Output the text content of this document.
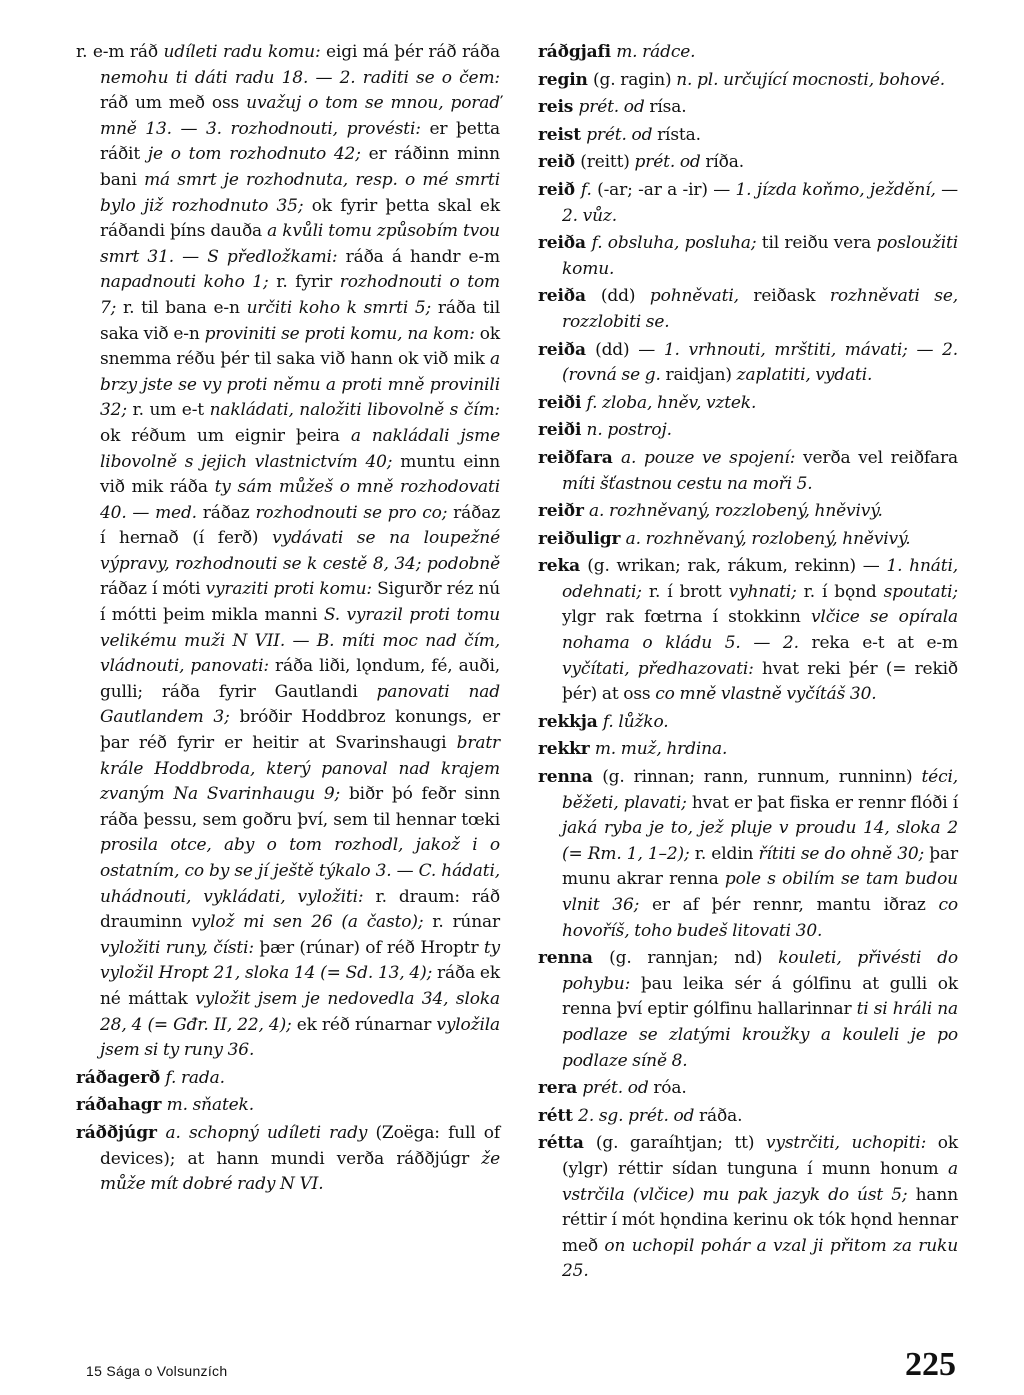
r. e-m ráð udíleti radu komu: eigi má þér ráð ráða nemohu ti dáti radu 18. — 2. raditi se o čem: ráð um með oss uvažuj o tom se mnou, poraď mně 13. — 3. rozhodnouti, provésti: er þetta ráðit je o tom rozhodnuto 42; er ráðinn minn bani má smrt je rozhodnuta, resp. o mé smrti bylo již rozhodnuto 35; ok fyrir þetta skal ek ráðandi þíns dauða a kvůli tomu způsobím tvou smrt 31. — S předložkami: ráða á handr e-m napadnouti koho 1; r. fyrir rozhodnouti o tom 7; r. til bana e-n určiti koho k smrti 5; ráða til saka við e-n proviniti se proti komu, na kom: ok snemma réðu þér til saka við hann ok við mik a brzy jste se vy proti němu a proti mně provinili 32; r. um e-t nakládati, naložiti libovolně s čím: ok réðum um eignir þeira a nakládali jsme libovolně s jejich vlastnictvím 40; muntu einn við mik ráða ty sám můžeš o mně rozhodovati 40. — med. ráðaz rozhodnouti se pro co; ráðaz í hernað (í ferð) vydávati se na loupežné výpravy, rozhodnouti se k cestě 8, 34; podobně ráðaz í móti vyraziti proti komu: Sigurðr réz nú í mótti þeim mikla manni S. vyrazil proti tomu velikému muži N VII. — B. míti moc nad čím, vládnouti, panovati: ráða liði, lǫndum, fé, auði, gulli; ráða fyrir Gautlandi panovati nad Gautlandem 3; bróðir Hoddbroz konungs, er þar réð fyrir er heitir at Svarinshaugi bratr krále Hoddbroda, který panoval nad krajem zvaným Na Svarinhaugu 9; biðr þó feðr sinn ráða þessu, sem goðru því, sem til hennar tœki prosila otce, aby o tom rozhodl, jakož i o ostatním, co by se jí ještě týkalo 3. — C. hádati, uhádnouti, vykládati, vyložiti: r. draum: ráð drauminn vylož mi sen 26 (a často); r. rúnar vyložiti runy, čísti: þær (rúnar) of réð Hroptr ty vyložil Hropt 21, sloka 14 (= Sd. 13, 4); ráða ek né máttak vyložit jsem je nedovedla 34, sloka 28, 4 (= Gđr. II, 22, 4); ek réð rúnarnar vyložila jsem si ty runy 36.
ráðagerð f. rada.
ráðahagr m. sňatek.
ráððjúgr a. schopný udíleti rady (Zoëga: full of devices); at hann mundi verða ráððjúgr že může mít dobré rady N VI.
ráðgjafi m. rádce.
regin (g. ragin) n. pl. určující mocnosti, bohové.
reis prét. od rísa.
reist prét. od rísta.
reið (reitt) prét. od ríða.
reið f. (-ar; -ar a -ir) — 1. jízda koňmo, ježdění, — 2. vůz.
reiða f. obsluha, posluha; til reiðu vera posloužiti komu.
reiða (dd) pohněvati, reiðask rozhněvati se, rozzlobiti se.
reiða (dd) — 1. vrhnouti, mrštiti, mávati; — 2. (rovná se g. raidjan) zaplatiti, vydati.
reiði f. zloba, hněv, vztek.
reiði n. postroj.
reiðfara a. pouze ve spojení: verða vel reiðfara míti šťastnou cestu na moři 5.
reiðr a. rozhněvaný, rozzlobený, hněvivý.
reiðuligr a. rozhněvaný, rozlobený, hněvivý.
reka (g. wrikan; rak, rákum, rekinn) — 1. hnáti, odehnati; r. í brott vyhnati; r. í bǫnd spoutati; ylgr rak fœtrna í stokkinn vlčice se opírala nohama o kládu 5. — 2. reka e-t at e-m vyčítati, předhazovati: hvat reki þér (= rekið þér) at oss co mně vlastně vyčítáš 30.
rekkja f. lůžko.
rekkr m. muž, hrdina.
renna (g. rinnan; rann, runnum, runninn) téci, běžeti, plavati; hvat er þat fiska er rennr flóði í jaká ryba je to, jež pluje v proudu 14, sloka 2 (= Rm. 1, 1–2); r. eldin řítiti se do ohně 30; þar munu akrar renna pole s obilím se tam budou vlnit 36; er af þér rennr, mantu iðraz co hovoříš, toho budeš litovati 30.
renna (g. rannjan; nd) kouleti, přivésti do pohybu: þau leika sér á gólfinu at gulli ok renna því eptir gólfinu hallarinnar ti si hráli na podlaze se zlatými kroužky a kouleli je po podlaze síně 8.
rera prét. od róa.
rétt 2. sg. prét. od ráða.
rétta (g. garaíhtjan; tt) vystrčiti, uchopiti: ok (ylgr) réttir sídan tunguna í munn honum a vstrčila (vlčice) mu pak jazyk do úst 5; hann réttir í mót hǫndina kerinu ok tók hǫnd hennar með on uchopil pohár a vzal ji přitom za ruku 25.
15 Sága o Volsunzích	225
